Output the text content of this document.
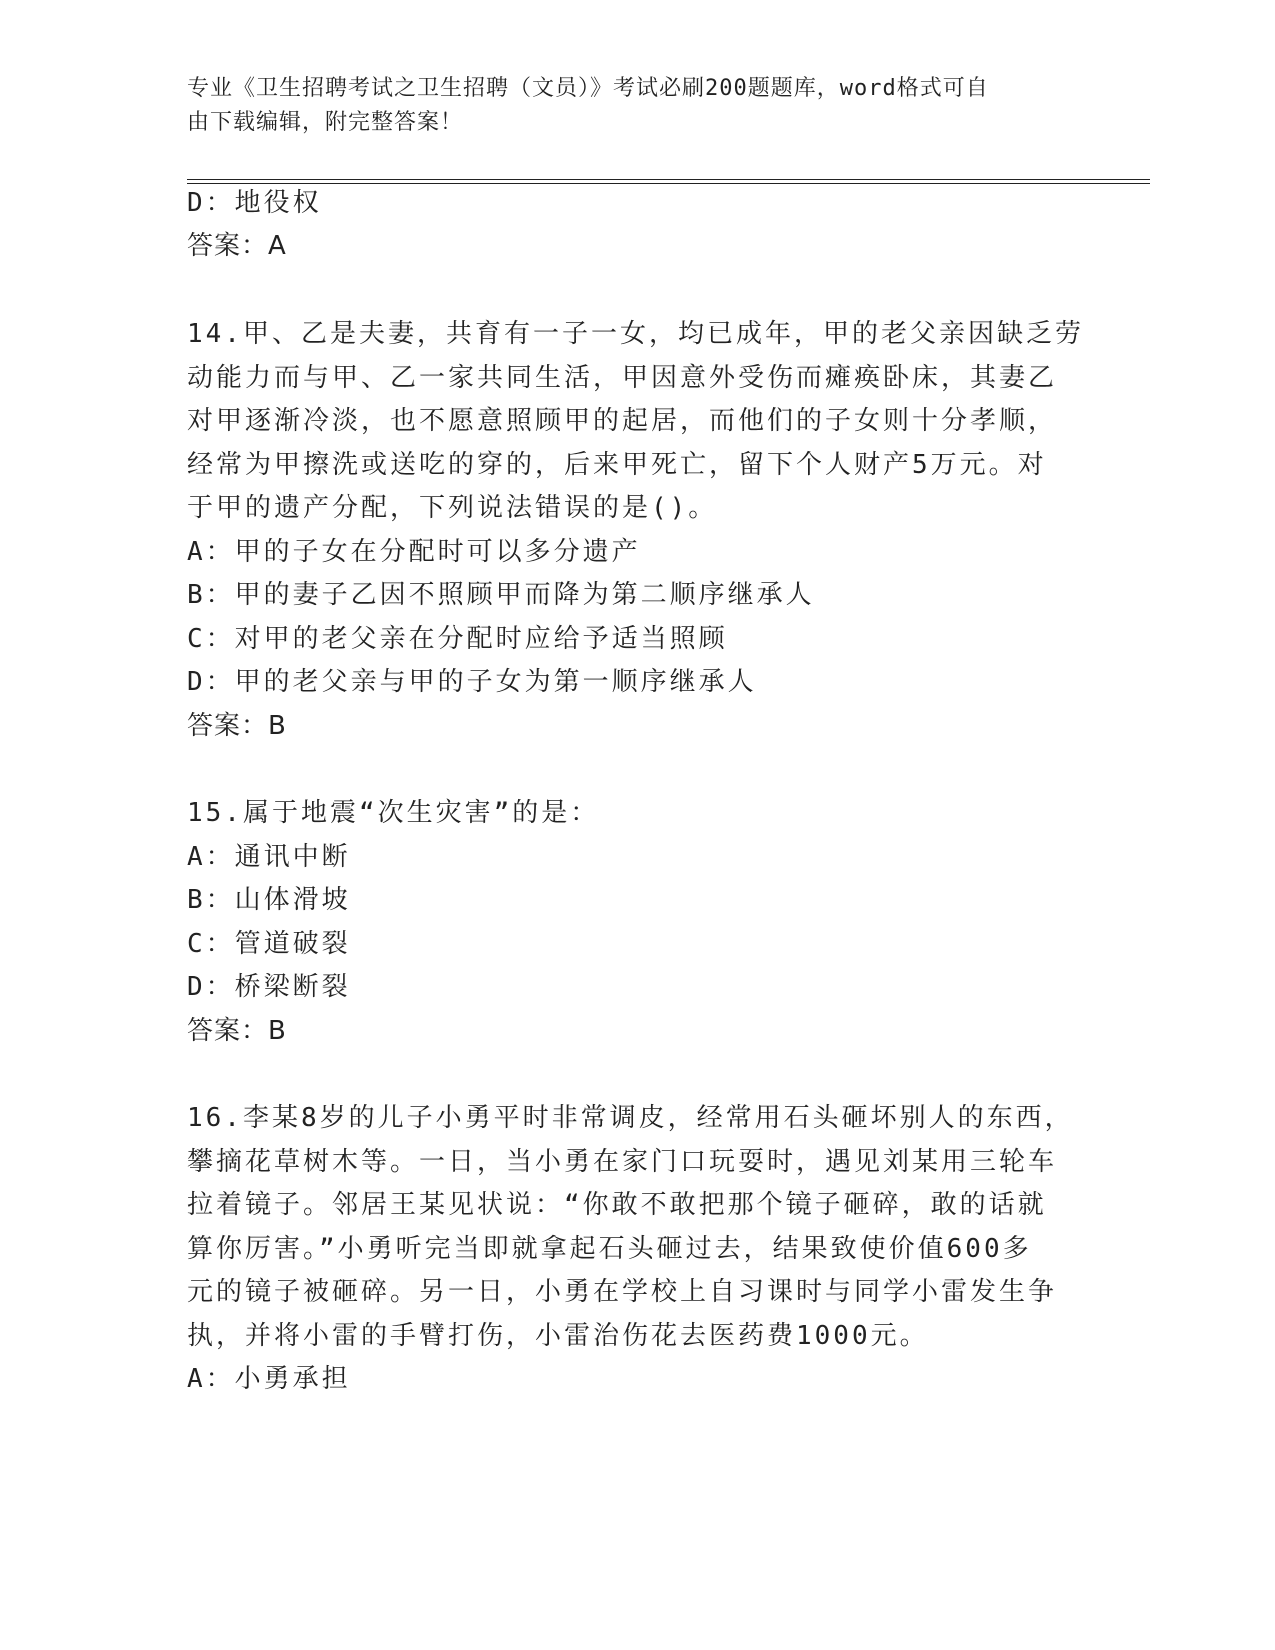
专业《卫生招聘考试之卫生招聘（文员）》考试必刷200题题库，word格式可自
由下载编辑，附完整答案！
D：地役权
答案：A
14.甲、乙是夫妻，共育有一子一女，均已成年，甲的老父亲因缺乏劳
动能力而与甲、乙一家共同生活，甲因意外受伤而瘫痪卧床，其妻乙
对甲逐渐冷淡，也不愿意照顾甲的起居，而他们的子女则十分孝顺，
经常为甲擦洗或送吃的穿的，后来甲死亡，留下个人财产5万元。对
于甲的遗产分配，下列说法错误的是()。
A：甲的子女在分配时可以多分遗产
B：甲的妻子乙因不照顾甲而降为第二顺序继承人
C：对甲的老父亲在分配时应给予适当照顾
D：甲的老父亲与甲的子女为第一顺序继承人
答案：B
15.属于地震“次生灾害”的是：
A：通讯中断
B：山体滑坡
C：管道破裂
D：桥梁断裂
答案：B
16.李某8岁的儿子小勇平时非常调皮，经常用石头砸坏别人的东西，
攀摘花草树木等。一日，当小勇在家门口玩耍时，遇见刘某用三轮车
拉着镜子。邻居王某见状说：“你敢不敢把那个镜子砸碎，敢的话就
算你厉害。”小勇听完当即就拿起石头砸过去，结果致使价值600多
元的镜子被砸碎。另一日，小勇在学校上自习课时与同学小雷发生争
执，并将小雷的手臂打伤，小雷治伤花去医药费1000元。
A：小勇承担
